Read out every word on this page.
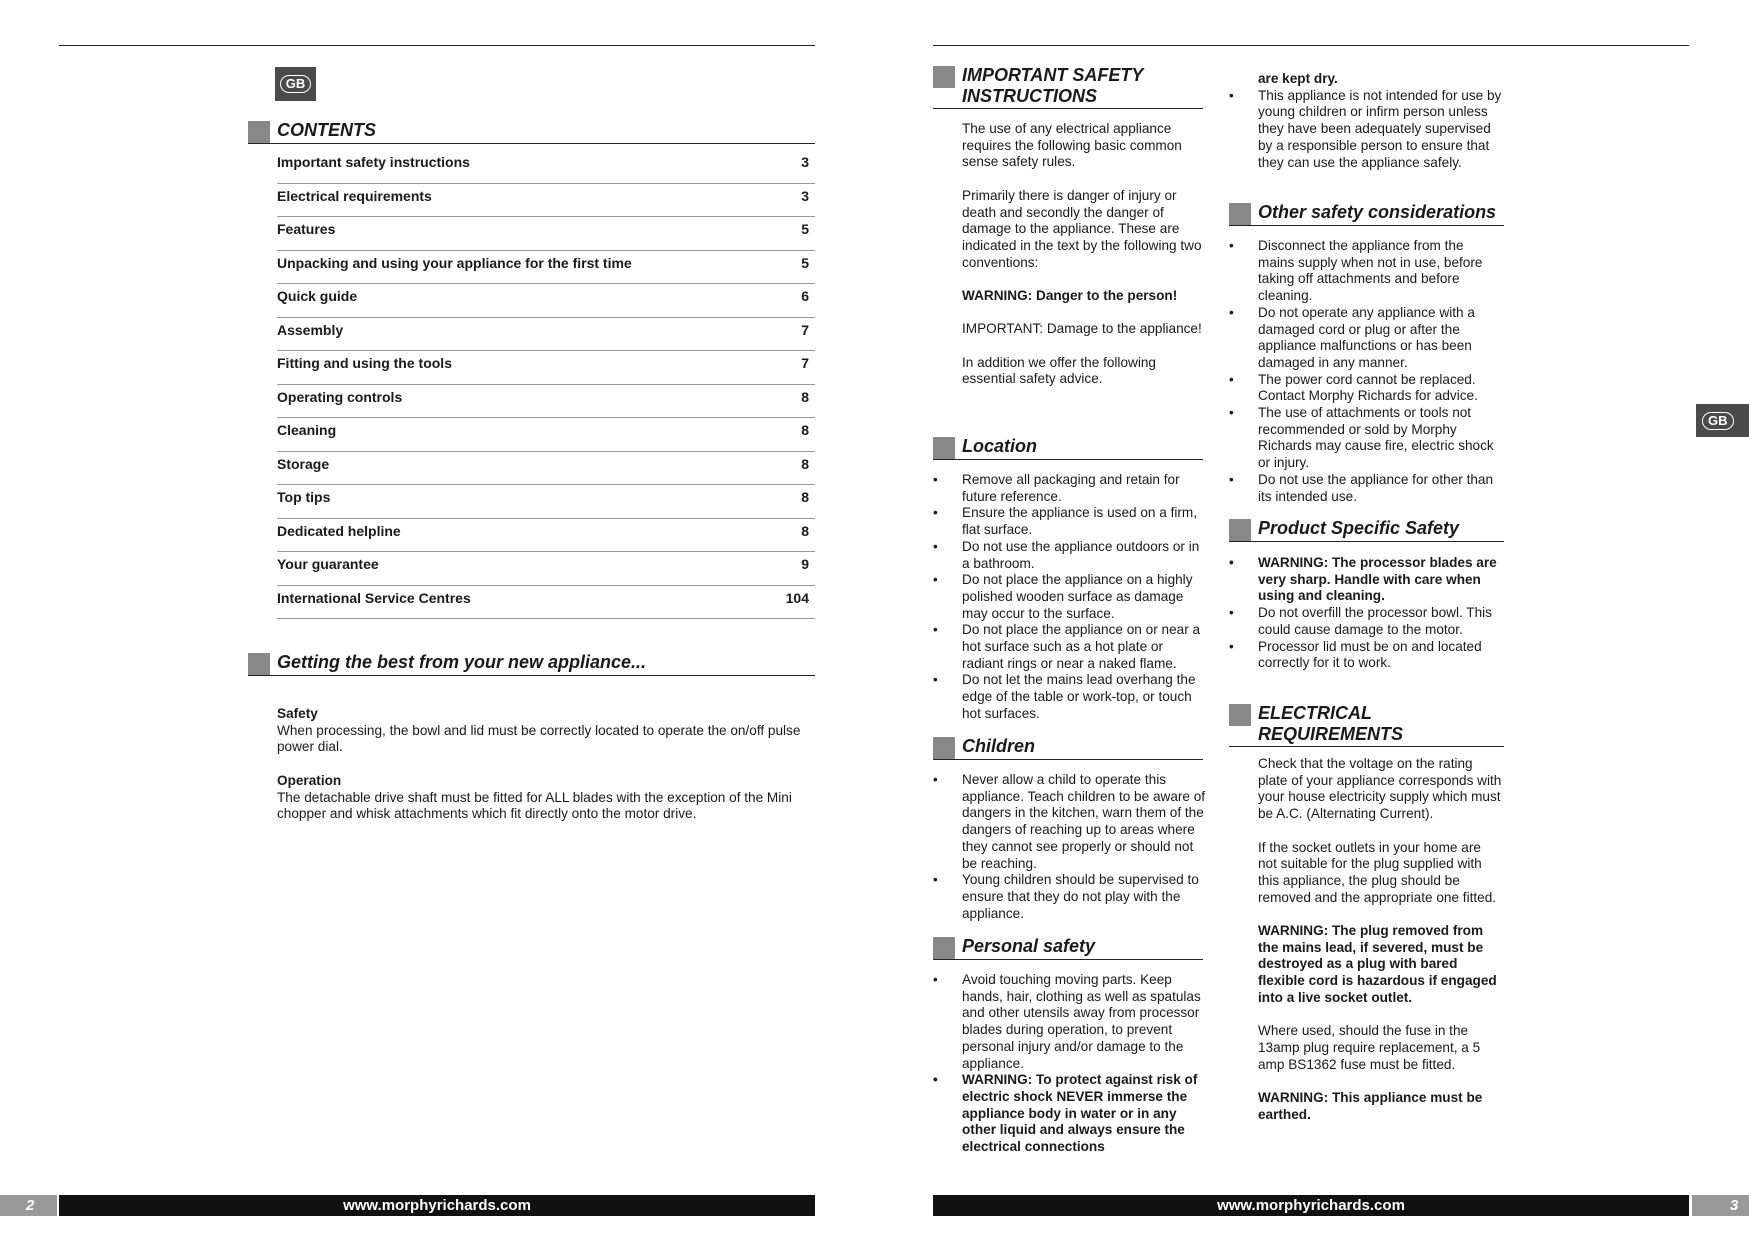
GB
CONTENTS
Important safety instructions	3
Electrical requirements	3
Features	5
Unpacking and using your appliance for the first time	5
Quick guide	6
Assembly	7
Fitting and using the tools	7
Operating controls	8
Cleaning	8
Storage	8
Top tips	8
Dedicated helpline	8
Your guarantee	9
International Service Centres	104
Getting the best from your new appliance...
Safety

When processing, the bowl and lid must be correctly located to operate the on/off pulse power dial.

Operation

The detachable drive shaft must be fitted for ALL blades with the exception of the Mini chopper and whisk attachments which fit directly onto the motor drive.

2	www.morphyrichards.com
IMPORTANT SAFETY INSTRUCTIONS

The use of any electrical appliance requires the following basic common sense safety rules.

Primarily there is danger of injury or death and secondly the danger of damage to the appliance. These are indicated in the text by the following two conventions:

WARNING: Danger to the person!

IMPORTANT: Damage to the appliance!

In addition we offer the following essential safety advice.

Location
• Remove all packaging and retain for future reference.
• Ensure the appliance is used on a firm, flat surface.
• Do not use the appliance outdoors or in a bathroom.
• Do not place the appliance on a highly polished wooden surface as damage may occur to the surface.
• Do not place the appliance on or near a hot surface such as a hot plate or radiant rings or near a naked flame.
• Do not let the mains lead overhang the edge of the table or work-top, or touch hot surfaces.
Children
• Never allow a child to operate this appliance. Teach children to be aware of dangers in the kitchen, warn them of the dangers of reaching up to areas where they cannot see properly or should not be reaching.
• Young children should be supervised to ensure that they do not play with the appliance.
Personal safety
• Avoid touching moving parts. Keep hands, hair, clothing as well as spatulas and other utensils away from processor blades during operation, to prevent personal injury and/or damage to the appliance.
• WARNING: To protect against risk of electric shock NEVER immerse the appliance body in water or in any other liquid and always ensure the electrical connections
are kept dry.
• This appliance is not intended for use by young children or infirm person unless they have been adequately supervised by a responsible person to ensure that they can use the appliance safely.
Other safety considerations
• Disconnect the appliance from the mains supply when not in use, before taking off attachments and before cleaning.
• Do not operate any appliance with a damaged cord or plug or after the appliance malfunctions or has been damaged in any manner.
• The power cord cannot be replaced. Contact Morphy Richards for advice.
• The use of attachments or tools not recommended or sold by Morphy Richards may cause fire, electric shock or injury.
• Do not use the appliance for other than its intended use.
Product Specific Safety
• WARNING: The processor blades are very sharp. Handle with care when using and cleaning.
• Do not overfill the processor bowl. This could cause damage to the motor.
• Processor lid must be on and located correctly for it to work.
ELECTRICAL REQUIREMENTS

Check that the voltage on the rating plate of your appliance corresponds with your house electricity supply which must be A.C. (Alternating Current).

If the socket outlets in your home are not suitable for the plug supplied with this appliance, the plug should be removed and the appropriate one fitted.

WARNING: The plug removed from the mains lead, if severed, must be destroyed as a plug with bared flexible cord is hazardous if engaged into a live socket outlet.

Where used, should the fuse in the 13amp plug require replacement, a 5 amp BS1362 fuse must be fitted.

WARNING: This appliance must be earthed.

www.morphyrichards.com	3
GB
